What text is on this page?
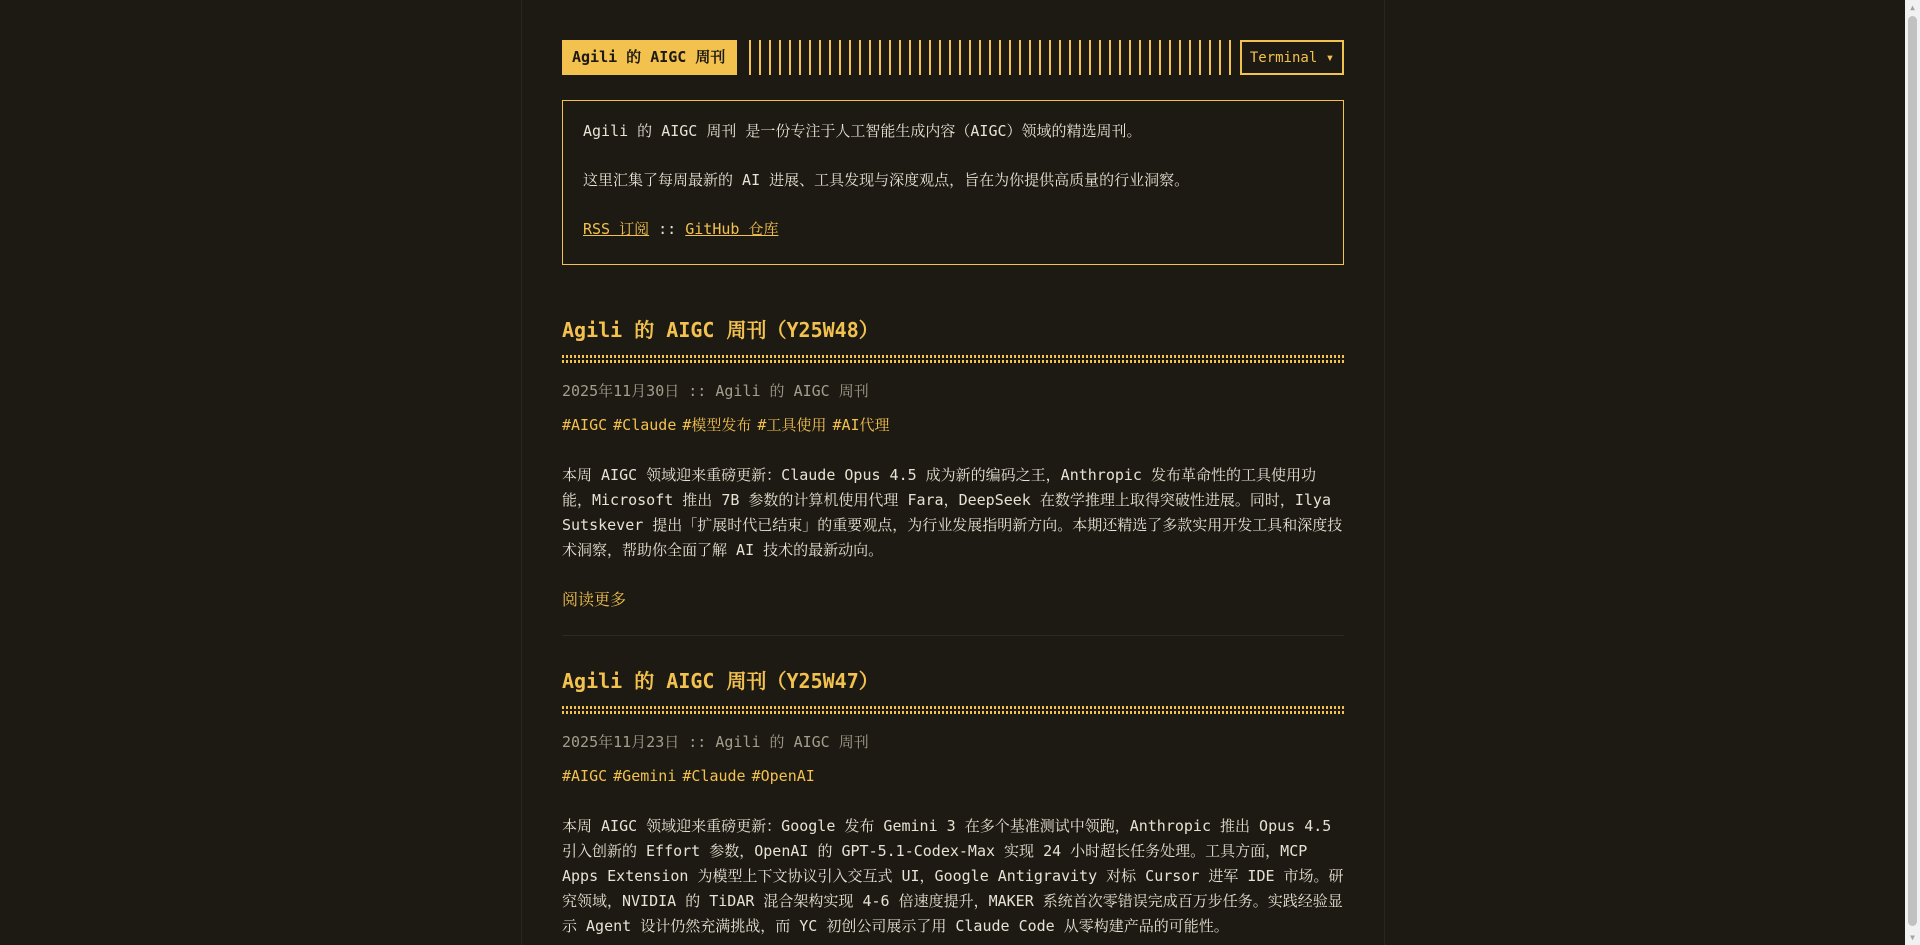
Agili 的 AIGC 周刊	Terminal ▾

Agili 的 AIGC 周刊 是一份专注于人工智能生成内容（AIGC）领域的精选周刊。

这里汇集了每周最新的 AI 进展、工具发现与深度观点，旨在为你提供高质量的行业洞察。

RSS 订阅 :: GitHub 仓库

Agili 的 AIGC 周刊（Y25W48）
2025年11月30日 :: Agili 的 AIGC 周刊
#AIGC #Claude #模型发布 #工具使用 #AI代理

本周 AIGC 领域迎来重磅更新：Claude Opus 4.5 成为新的编码之王，Anthropic 发布革命性的工具使用功能，Microsoft 推出 7B 参数的计算机使用代理 Fara，DeepSeek 在数学推理上取得突破性进展。同时，Ilya Sutskever 提出「扩展时代已结束」的重要观点，为行业发展指明新方向。本期还精选了多款实用开发工具和深度技术洞察，帮助你全面了解 AI 技术的最新动向。

阅读更多
Agili 的 AIGC 周刊（Y25W47）
2025年11月23日 :: Agili 的 AIGC 周刊
#AIGC #Gemini #Claude #OpenAI

本周 AIGC 领域迎来重磅更新：Google 发布 Gemini 3 在多个基准测试中领跑，Anthropic 推出 Opus 4.5 引入创新的 Effort 参数，OpenAI 的 GPT-5.1-Codex-Max 实现 24 小时超长任务处理。工具方面，MCP Apps Extension 为模型上下文协议引入交互式 UI，Google Antigravity 对标 Cursor 进军 IDE 市场。研究领域，NVIDIA 的 TiDAR 混合架构实现 4-6 倍速度提升，MAKER 系统首次零错误完成百万步任务。实践经验显示 Agent 设计仍然充满挑战，而 YC 初创公司展示了用 Claude Code 从零构建产品的可能性。

▲
▼
